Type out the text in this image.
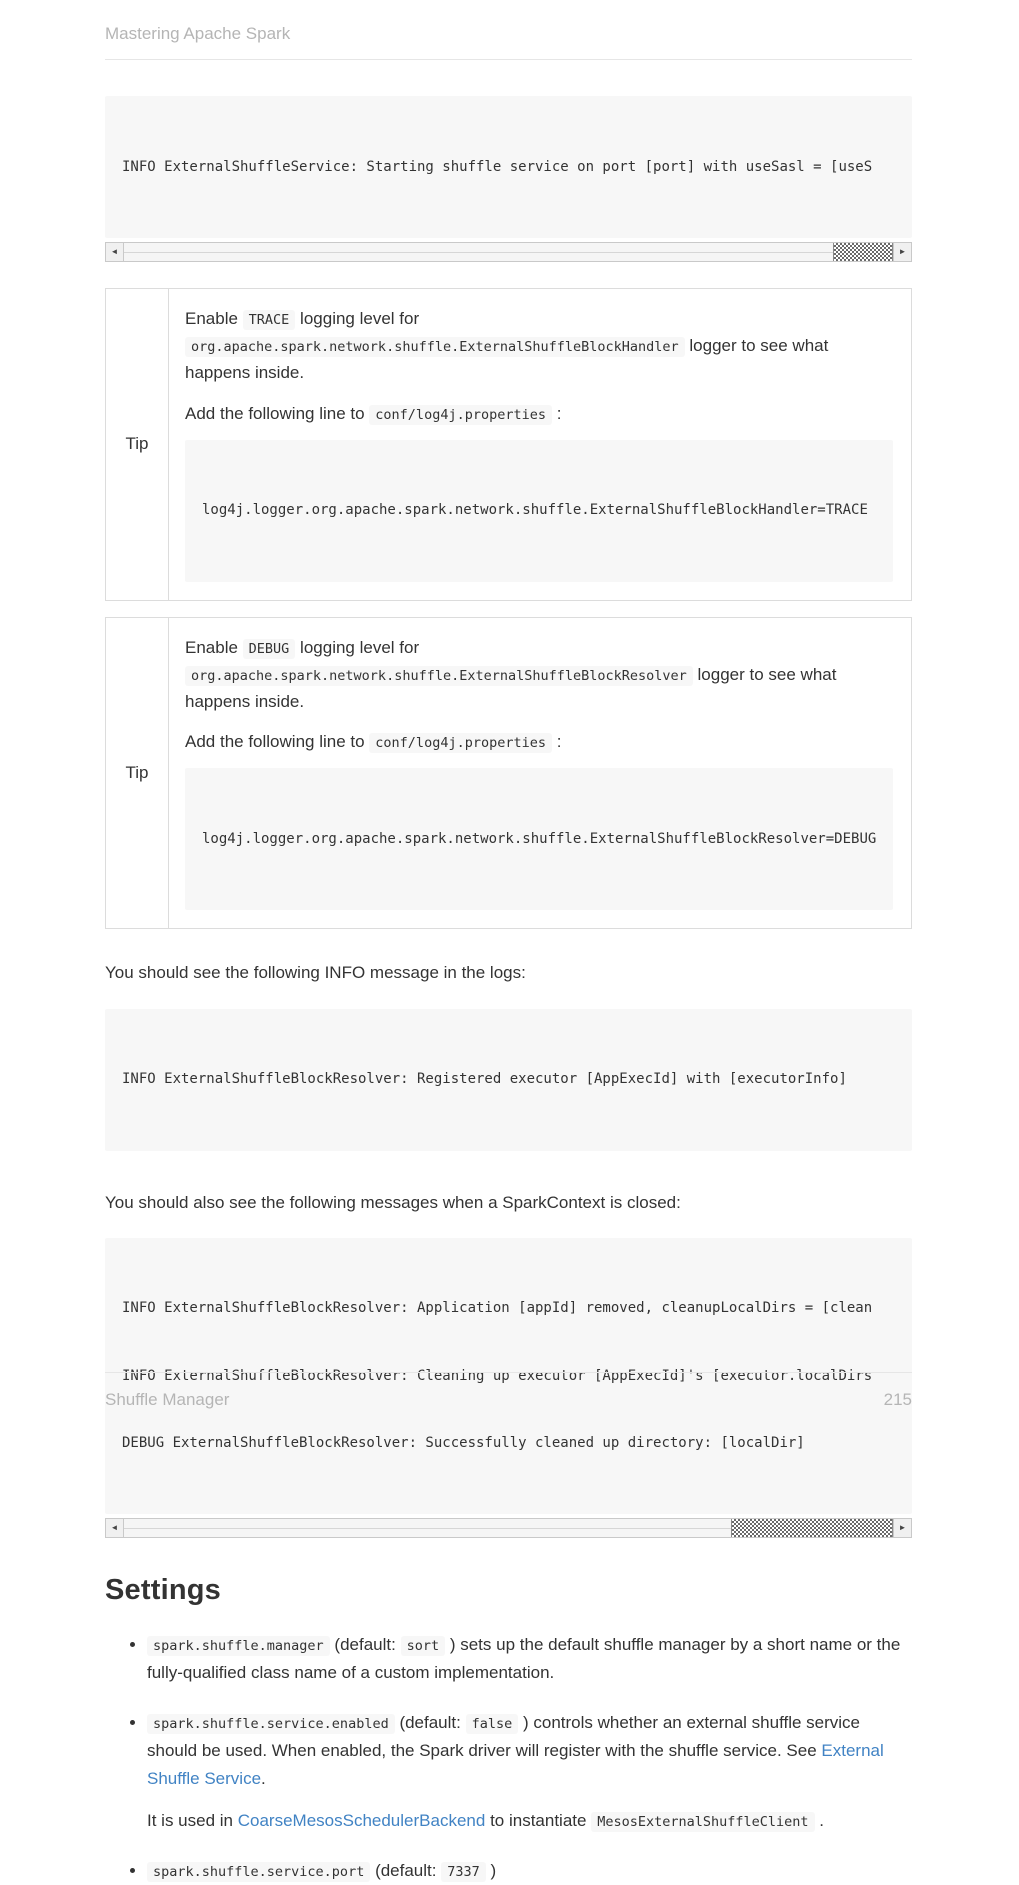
Mastering Apache Spark

INFO ExternalShuffleService: Starting shuffle service on port [port] with useSasl = [useS

◄	►
Tip

Enable TRACE logging level for org.apache.spark.network.shuffle.ExternalShuffleBlockHandler logger to see what happens inside.

Add the following line to conf/log4j.properties :

log4j.logger.org.apache.spark.network.shuffle.ExternalShuffleBlockHandler=TRACE

Tip

Enable DEBUG logging level for org.apache.spark.network.shuffle.ExternalShuffleBlockResolver logger to see what happens inside.

Add the following line to conf/log4j.properties :

log4j.logger.org.apache.spark.network.shuffle.ExternalShuffleBlockResolver=DEBUG

You should see the following INFO message in the logs:

INFO ExternalShuffleBlockResolver: Registered executor [AppExecId] with [executorInfo]

You should also see the following messages when a SparkContext is closed:

INFO ExternalShuffleBlockResolver: Application [appId] removed, cleanupLocalDirs = [clean

INFO ExternalShuffleBlockResolver: Cleaning up executor [AppExecId]'s [executor.localDirs

DEBUG ExternalShuffleBlockResolver: Successfully cleaned up directory: [localDir]

◄	►
Settings
• spark.shuffle.manager (default: sort ) sets up the default shuffle manager by a short name or the fully-qualified class name of a custom implementation.
• spark.shuffle.service.enabled (default: false ) controls whether an external shuffle service should be used. When enabled, the Spark driver will register with the shuffle service. See External Shuffle Service.
It is used in CoarseMesosSchedulerBackend to instantiate MesosExternalShuffleClient .
• spark.shuffle.service.port (default: 7337 )
Shuffle Manager	215
